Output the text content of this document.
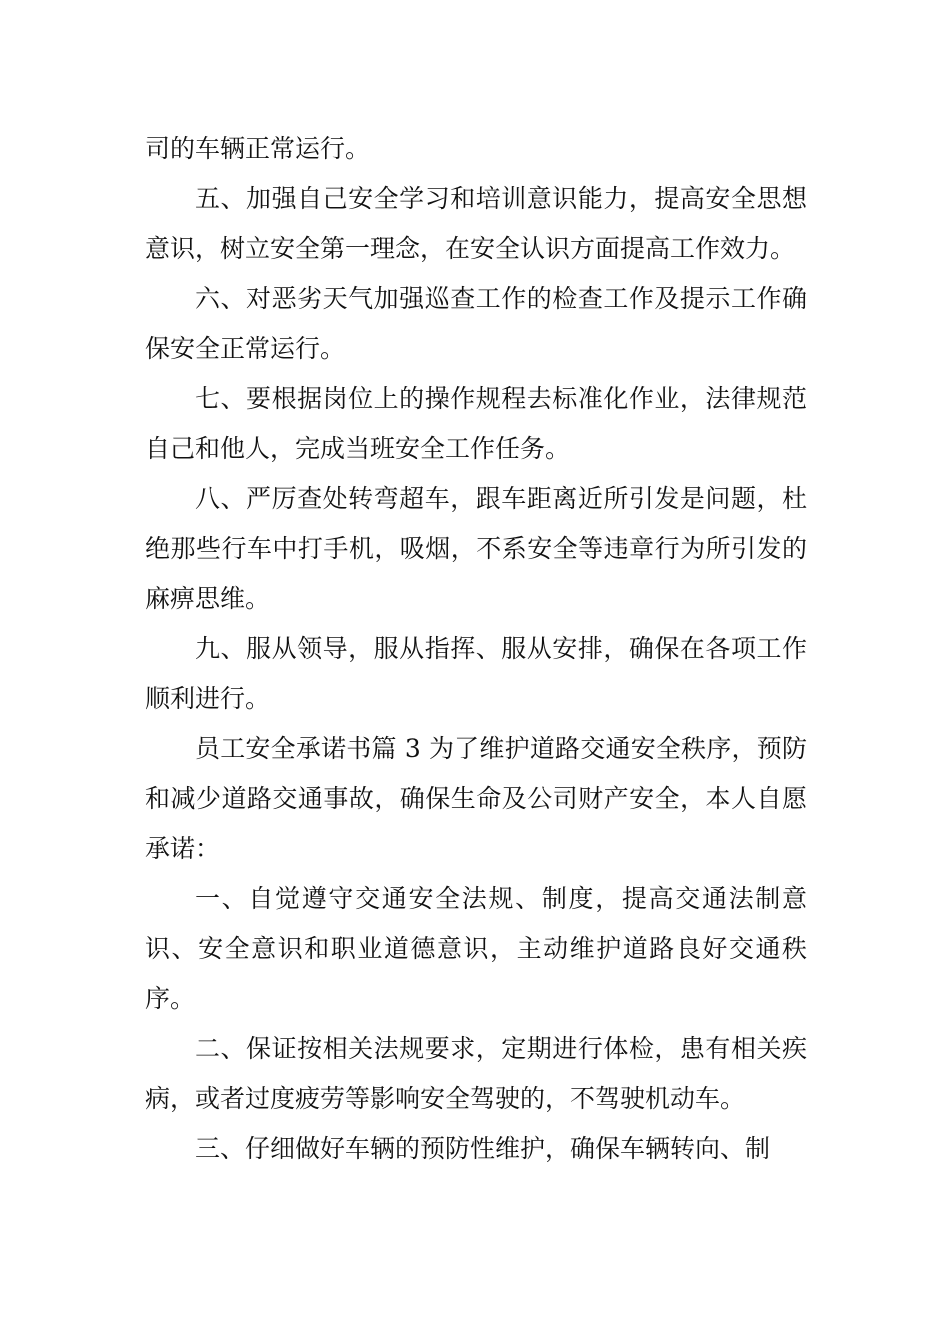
司的车辆正常运行。

五、加强自己安全学习和培训意识能力，提高安全思想意识，树立安全第一理念，在安全认识方面提高工作效力。

六、对恶劣天气加强巡查工作的检查工作及提示工作确保安全正常运行。

七、要根据岗位上的操作规程去标准化作业，法律规范自己和他人，完成当班安全工作任务。

八、严厉查处转弯超车，跟车距离近所引发是问题，杜绝那些行车中打手机，吸烟，不系安全等违章行为所引发的麻痹思维。

九、服从领导，服从指挥、服从安排，确保在各项工作顺利进行。

员工安全承诺书篇 3 为了维护道路交通安全秩序，预防和减少道路交通事故，确保生命及公司财产安全，本人自愿承诺：

一、自觉遵守交通安全法规、制度，提高交通法制意识、安全意识和职业道德意识，主动维护道路良好交通秩序。

二、保证按相关法规要求，定期进行体检，患有相关疾病，或者过度疲劳等影响安全驾驶的，不驾驶机动车。

三、仔细做好车辆的预防性维护，确保车辆转向、制
